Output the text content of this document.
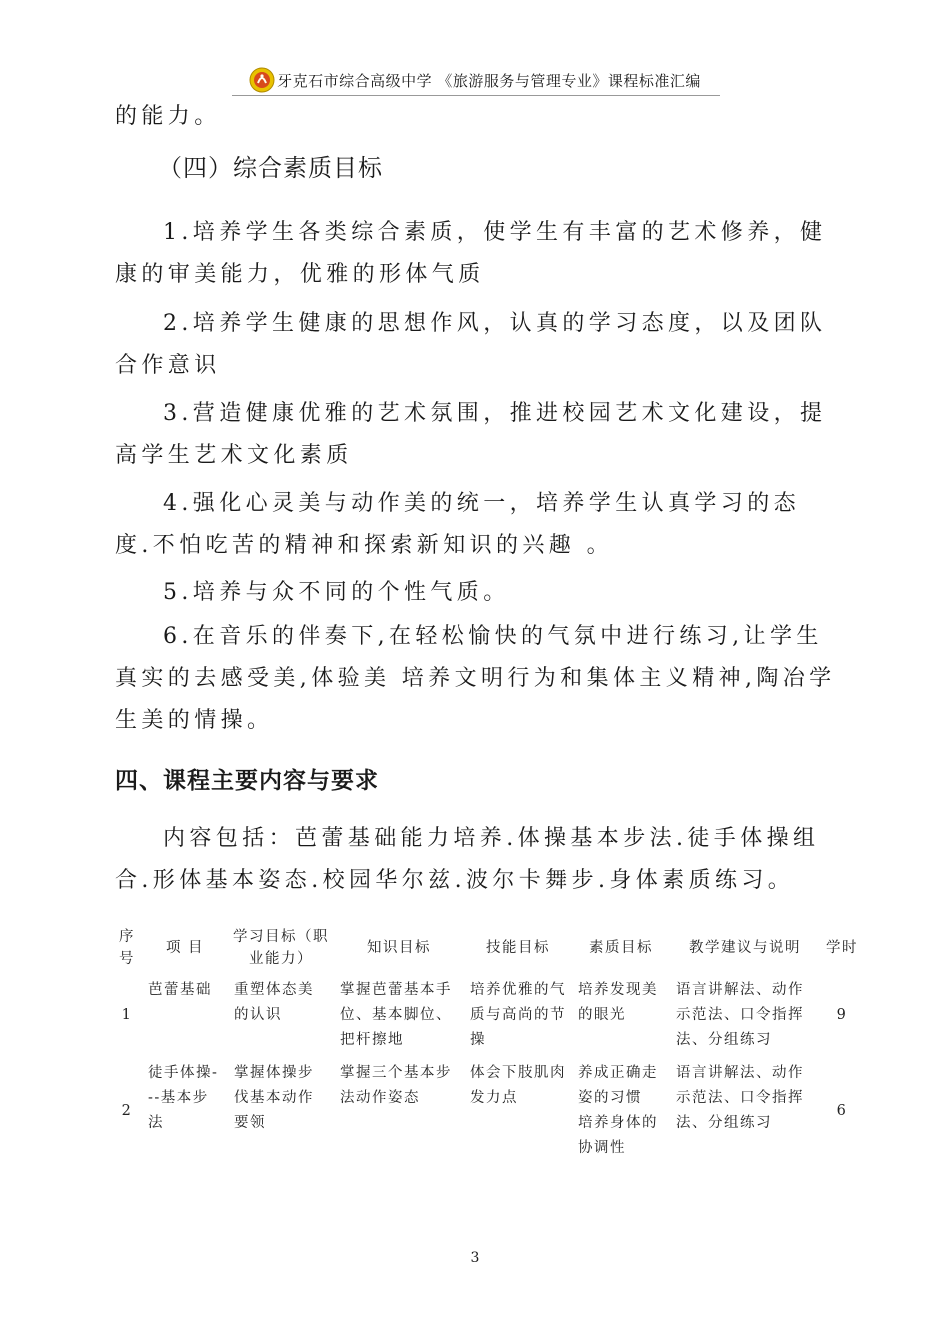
牙克石市综合高级中学 《旅游服务与管理专业》课程标准汇编

的能力。

（四）综合素质目标

1.培养学生各类综合素质，使学生有丰富的艺术修养，健康的审美能力，优雅的形体气质

2.培养学生健康的思想作风，认真的学习态度，以及团队合作意识

3.营造健康优雅的艺术氛围，推进校园艺术文化建设，提高学生艺术文化素质

4.强化心灵美与动作美的统一，培养学生认真学习的态度.不怕吃苦的精神和探索新知识的兴趣 。

5.培养与众不同的个性气质。

6.在音乐的伴奏下,在轻松愉快的气氛中进行练习,让学生真实的去感受美,体验美 培养文明行为和集体主义精神,陶冶学生美的情操。

四、课程主要内容与要求

内容包括：芭蕾基础能力培养.体操基本步法.徒手体操组合.形体基本姿态.校园华尔兹.波尔卡舞步.身体素质练习。

序号	项 目	学习目标（职业能力）	知识目标	技能目标	素质目标	教学建议与说明	学时
1	芭蕾基础	重塑体态美的认识	掌握芭蕾基本手位、基本脚位、把杆擦地	培养优雅的气质与高尚的节操	培养发现美的眼光	语言讲解法、动作示范法、口令指挥法、分组练习	9
2	徒手体操---基本步法	掌握体操步伐基本动作要领	掌握三个基本步法动作姿态	体会下肢肌肉发力点	养成正确走姿的习惯 培养身体的协调性	语言讲解法、动作示范法、口令指挥法、分组练习	6
3
